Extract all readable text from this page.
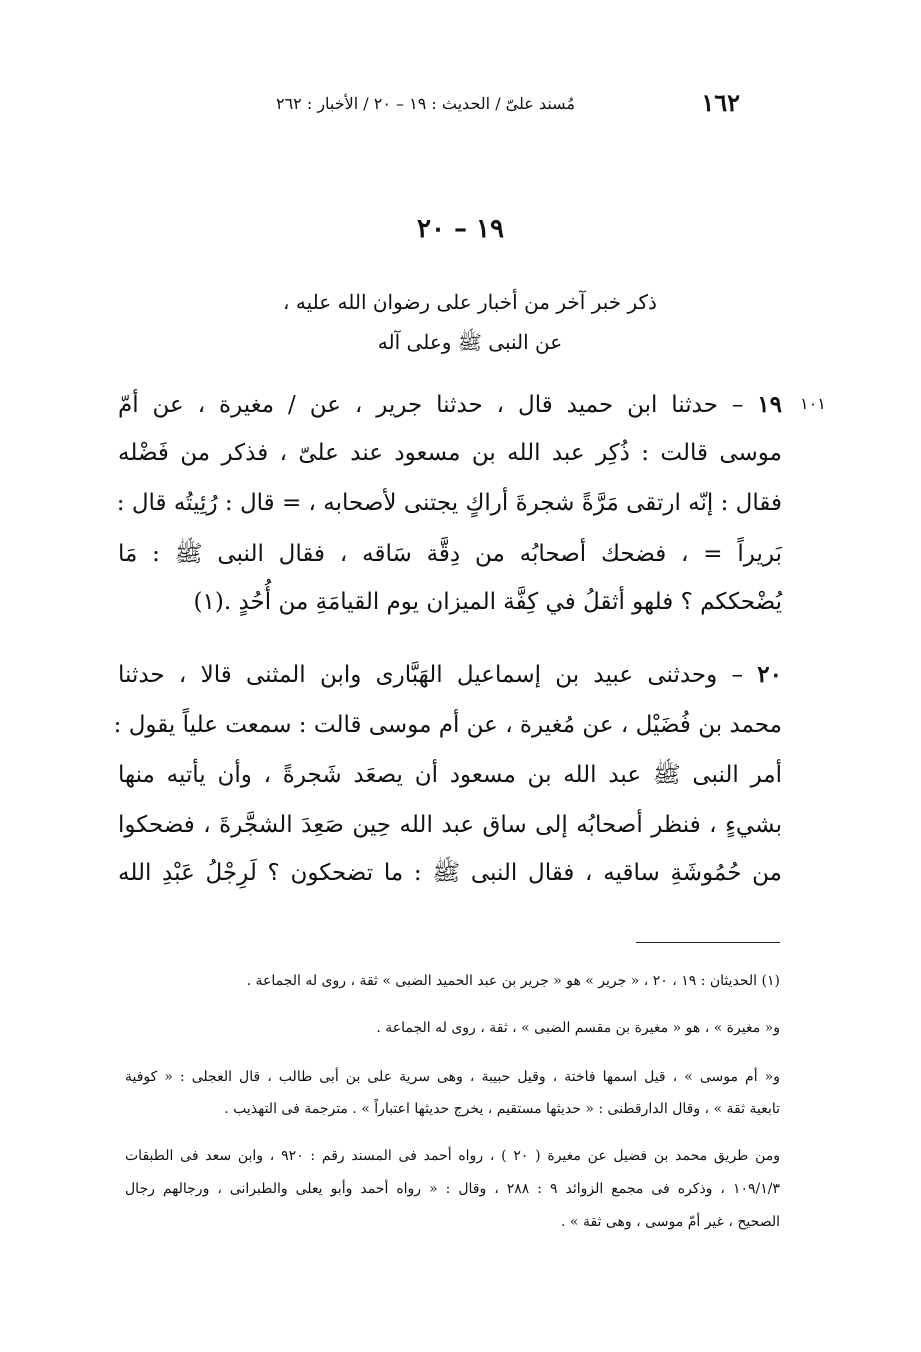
١٦٢
مُسند علىّ / الحديث : ١٩ – ٢٠ / الأخبار : ٢٦٢
١٩ – ٢٠
ذكر خبر آخر من أخبار على رضوان الله عليه ،
عن النبى ﷺ وعلى آله
١٠١
١٩ – حدثنا ابن حميد قال ، حدثنا جرير ، عن / مغيرة ، عن أمّ
موسى قالت : ذُكِر عبد الله بن مسعود عند علىّ ، فذكر من فَضْله
فقال : إنّه ارتقى مَرَّةً شجرةَ أراكٍ يجتنى لأصحابه ، = قال : رُئِيتُه قال :
بَريراً = ، فضحك أصحابُه من دِقَّة سَاقه ، فقال النبى ﷺ : مَا
يُضْحككم ؟ فلهو أثقلُ في كِفَّة الميزان يوم القيامَةِ من أُحُدٍ .(١)
٢٠ – وحدثنى عبيد بن إسماعيل الهَبَّارى وابن المثنى قالا ، حدثنا
محمد بن فُضَيْل ، عن مُغيرة ، عن أم موسى قالت : سمعت علياً يقول :
أمر النبى ﷺ عبد الله بن مسعود أن يصعَد شَجرةً ، وأن يأتيه منها
بشيءٍ ، فنظر أصحابُه إلى ساق عبد الله حِين صَعِدَ الشجَّرةَ ، فضحكوا
من حُمُوشَةِ ساقيه ، فقال النبى ﷺ : ما تضحكون ؟ لَرِجْلُ عَبْدِ الله
(١) الحديثان : ١٩ ، ٢٠ ، « جرير » هو « جرير بن عبد الحميد الضبى » ثقة ، روى له الجماعة .
و« مغيرة » ، هو « مغيرة بن مقسم الضبى » ، ثقة ، روى له الجماعة .
و« أم موسى » ، قيل اسمها فاختة ، وقيل حبيبة ، وهى سرية على بن أبى طالب ، قال العجلى : « كوفية
تابعية ثقة » ، وقال الدارقطنى : « حديثها مستقيم ، يخرج حديثها اعتباراً » . مترجمة فى التهذيب .
ومن طريق محمد بن فضيل عن مغيرة ( ٢٠ ) ، رواه أحمد فى المسند رقم : ٩٢٠ ، وابن سعد فى الطبقات
١٠٩/١/٣ ، وذكره فى مجمع الزوائد ٩ : ٢٨٨ ، وقال : « رواه أحمد وأبو يعلى والطبرانى ، ورجالهم رجال
الصحيح ، غير أمّ موسى ، وهى ثقة » .
